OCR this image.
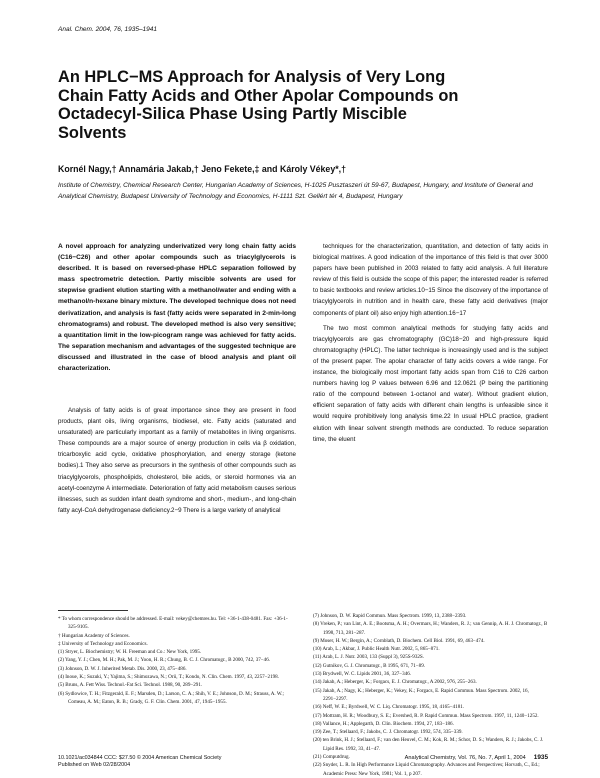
Anal. Chem. 2004, 76, 1935–1941
An HPLC−MS Approach for Analysis of Very Long
Chain Fatty Acids and Other Apolar Compounds on
Octadecyl-Silica Phase Using Partly Miscible
Solvents
Kornél Nagy,† Annamária Jakab,† Jeno Fekete,‡ and Károly Vékey*,†
Institute of Chemistry, Chemical Research Center, Hungarian Academy of Sciences, H-1025 Pusztaszeri út 59-67, Budapest, Hungary, and Institute of General and Analytical Chemistry, Budapest University of Technology and Economics, H-1111 Szt. Gellért tér 4, Budapest, Hungary
A novel approach for analyzing underivatized very long chain fatty acids (C16−C26) and other apolar compounds such as triacylglycerols is described. It is based on reversed-phase HPLC separation followed by mass spectrometric detection. Partly miscible solvents are used for stepwise gradient elution starting with a methanol/water and ending with a methanol/n-hexane binary mixture. The developed technique does not need derivatization, and analysis is fast (fatty acids were separated in 2-min-long chromatograms) and robust. The developed method is also very sensitive; a quantitation limit in the low-picogram range was achieved for fatty acids. The separation mechanism and advantages of the suggested technique are discussed and illustrated in the case of blood analysis and plant oil characterization.

Analysis of fatty acids is of great importance since they are present in food products, plant oils, living organisms, biodiesel, etc. Fatty acids (saturated and unsaturated) are particularly important as a family of metabolites in living organisms. These compounds are a major source of energy production in cells via β oxidation, tricarboxylic acid cycle, oxidative phosphorylation, and energy storage (ketone bodies).1 They also serve as precursors in the synthesis of other compounds such as triacylglycerols, phospholipids, cholesterol, bile acids, or steroid hormones via an acetyl-coenzyme A intermediate. Deterioration of fatty acid metabolism causes serious illnesses, such as sudden infant death syndrome and short-, medium-, and long-chain fatty acyl-CoA dehydrogenase deficiency.2−9 There is a large variety of analytical

techniques for the characterization, quantitation, and detection of fatty acids in biological matrixes. A good indication of the importance of this field is that over 3000 papers have been published in 2003 related to fatty acid analysis. A full literature review of this field is outside the scope of this paper; the interested reader is referred to basic textbooks and review articles.10−15 Since the discovery of the importance of triacylglycerols in nutrition and in health care, these fatty acid derivatives (major components of plant oil) also enjoy high attention.16−17

The two most common analytical methods for studying fatty acids and triacylglycerols are gas chromatography (GC)18−20 and high-pressure liquid chromatography (HPLC). The latter technique is increasingly used and is the subject of the present paper. The apolar character of fatty acids covers a wide range. For instance, the biologically most important fatty acids span from C16 to C26 carbon numbers having log P values between 6.96 and 12.0621 (P being the partitioning ratio of the compound between 1-octanol and water). Without gradient elution, efficient separation of fatty acids with different chain lengths is unfeasible since it would require prohibitively long analysis time.22 In usual HPLC practice, gradient elution with linear solvent strength methods are conducted. To reduce separation time, the eluent

* To whom correspondence should be addressed. E-mail: vekey@chemres.hu. Tel: +36-1-438-0481. Fax: +36-1-325-9105.
† Hungarian Academy of Sciences.
‡ University of Technology and Economics.
(1) Stryer, L. Biochemistry; W. H. Freeman and Co.: New York, 1995.
(2) Yang, Y. J.; Chen, M. H.; Pak, M. J.; Yoon, H. R.; Chung, B. C. J. Chromatogr., B 2000, 742, 37−46.
(3) Johnson, D. W. J. Inherited Metab. Dis. 2000, 23, 475−486.
(4) Inoue, K.; Suzuki, Y.; Yajima, S.; Shimozawa, N.; Orii, T.; Kondo, N. Clin. Chem. 1997, 43, 2257−2198.
(5) Bruns, A. Fett Wiss. Technol.-Fat Sci. Technol. 1988, 90, 289−291.
(6) Sydlowice, T. H.; Fitzgerald, E. F.; Marsden, D.; Larson, C. A.; Shih, V. E.; Johnson, D. M.; Strauss, A. W.; Comeau, A. M.; Eaton, R. B.; Grady, G. F. Clin. Chem. 2001, 47, 1945−1955.
(7) Johnson, D. W. Rapid Commun. Mass Spectrom. 1999, 13, 2388−2393.
(8) Vreken, P.; van Lint, A. E.; Bootsma, A. H.; Overmars, H.; Wanders, R. J.; van Gennip, A. H. J. Chromatogr., B 1998, 713, 281−287.
(9) Moser, H. W.; Bergin, A.; Cornblath, D. Biochem. Cell Biol. 1991, 69, 463−474.
(10) Arab, L.; Akbar, J. Public Health Nutr. 2002, 5, 865−871.
(11) Arab, L. J. Nutr. 2003, 133 (Suppl 3), 925S-932S.
(12) Gutnikov, G. J. Chromatogr., B 1995, 671, 71−89.
(13) Brydwell, W. C. Lipids 2001, 36, 327−346.
(14) Jakab, A.; Heberger, K.; Forgacs, E. J. Chromatogr., A 2002, 976, 255−263.
(15) Jakab, A.; Nagy, K.; Heberger, K.; Vekey, K.; Forgacs, E. Rapid Commun. Mass Spectrom. 2002, 16, 2291−2297.
(16) Neff, W. E.; Byrdwell, W. C. Liq. Chromatogr. 1995, 18, 4165−4181.
(17) Mottram, H. R.; Woodbury, S. E.; Evershed, R. P. Rapid Commun. Mass Spectrom. 1997, 11, 1240−1252.
(18) Vallance, H.; Applegarth, D. Clin. Biochem. 1994, 27, 183−186.
(19) Zee, T.; Stellaard, F.; Jakobs, C. J. Chromatogr. 1992, 574, 335−339.
(20) ten Brink, H. J.; Stellaard, F.; van den Heuvel, C. M.; Kok, R. M.; Schor, D. S.; Wanders, R. J.; Jakobs, C. J. Lipid Res. 1992, 33, 41−47.
(21) Computdrug.
(22) Snyder, L. R. In High Performance Liquid Chromatography. Advances and Perspectives; Horvath, C., Ed.; Academic Press: New York, 1981; Vol. 1, p 207.
10.1021/ac034844 CCC: $27.50 © 2004 American Chemical Society
Published on Web 02/28/2004
Analytical Chemistry, Vol. 76, No. 7, April 1, 2004 1935
